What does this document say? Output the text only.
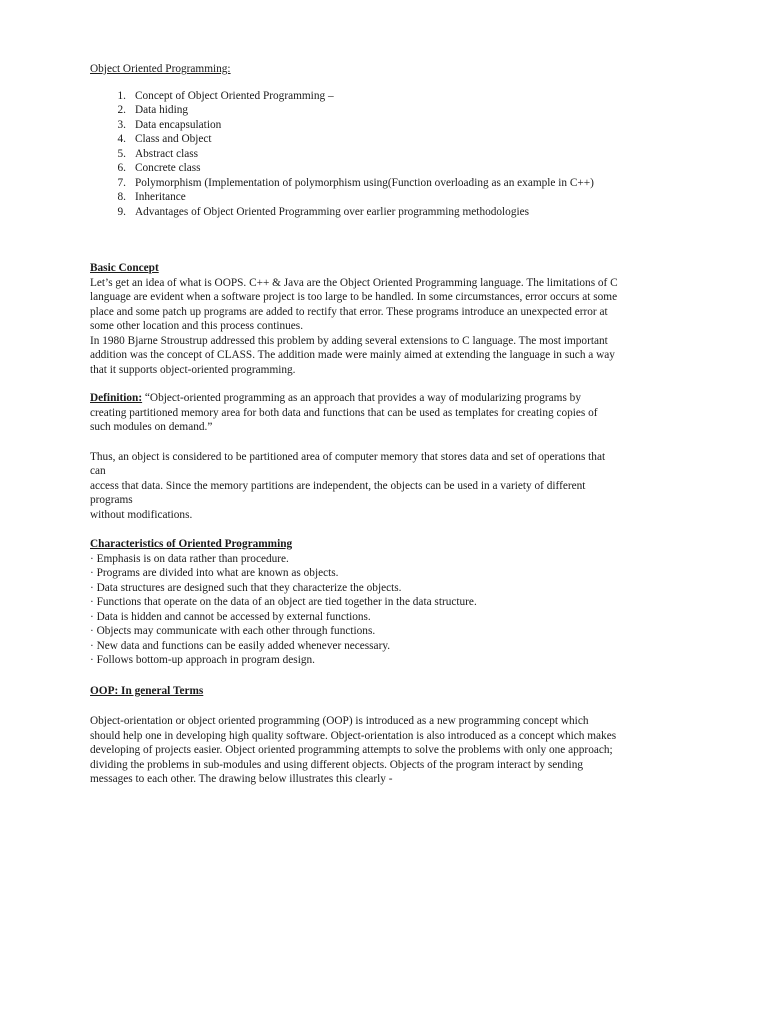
Object Oriented Programming:

1. Concept of Object Oriented Programming –
2. Data hiding
3. Data encapsulation
4. Class and Object
5. Abstract class
6. Concrete class
7. Polymorphism (Implementation of polymorphism using(Function overloading as an example in C++)
8. Inheritance
9. Advantages of Object Oriented Programming over earlier programming methodologies

Basic Concept

Let’s get an idea of what is OOPS. C++ & Java are the Object Oriented Programming language. The limitations of C

language are evident when a software project is too large to be handled. In some circumstances, error occurs at some

place and some patch up programs are added to rectify that error. These programs introduce an unexpected error at

some other location and this process continues.

In 1980 Bjarne Stroustrup addressed this problem by adding several extensions to C language. The most important

addition was the concept of CLASS. The addition made were mainly aimed at extending the language in such a way

that it supports object-oriented programming.

Definition: “Object-oriented programming as an approach that provides a way of modularizing programs by

creating partitioned memory area for both data and functions that can be used as templates for creating copies of

such modules on demand.”

Thus, an object is considered to be partitioned area of computer memory that stores data and set of operations that

can

access that data. Since the memory partitions are independent, the objects can be used in a variety of different

programs

without modifications.

Characteristics of Oriented Programming

· Emphasis is on data rather than procedure.
· Programs are divided into what are known as objects.
· Data structures are designed such that they characterize the objects.
· Functions that operate on the data of an object are tied together in the data structure.
· Data is hidden and cannot be accessed by external functions.
· Objects may communicate with each other through functions.
· New data and functions can be easily added whenever necessary.
· Follows bottom-up approach in program design.

OOP: In general Terms

Object-orientation or object oriented programming (OOP) is introduced as a new programming concept which

should help one in developing high quality software. Object-orientation is also introduced as a concept which makes

developing of projects easier. Object oriented programming attempts to solve the problems with only one approach;

dividing the problems in sub-modules and using different objects. Objects of the program interact by sending

messages to each other. The drawing below illustrates this clearly -
